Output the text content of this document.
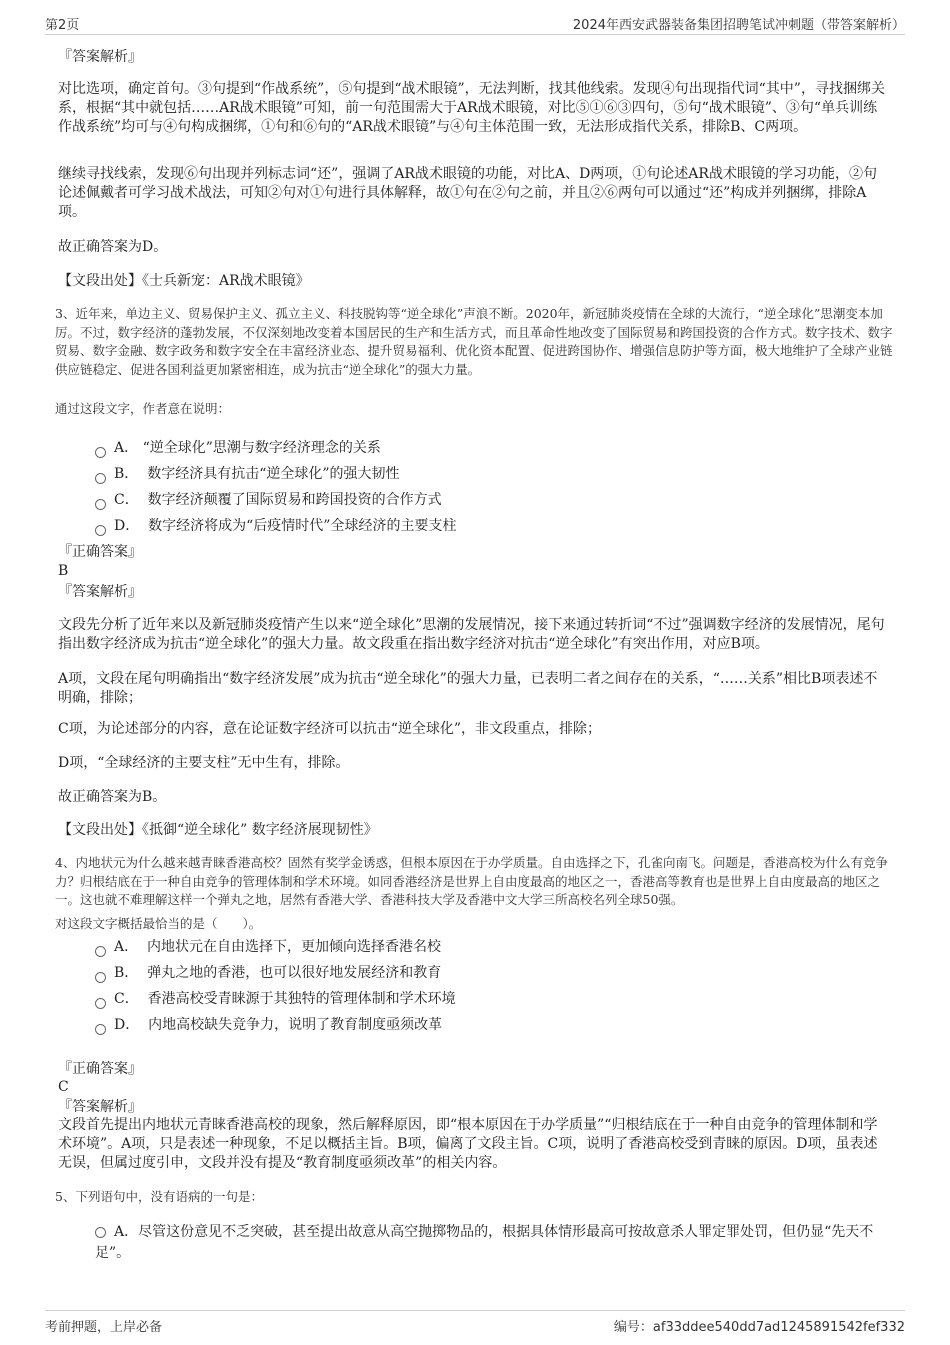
第2页	2024年西安武器装备集团招聘笔试冲刺题（带答案解析）
『答案解析』
对比选项，确定首句。③句提到“作战系统”，⑤句提到“战术眼镜”，无法判断，找其他线索。发现④句出现指代词“其中”，寻找捆绑关系，根据“其中就包括……AR战术眼镜”可知，前一句范围需大于AR战术眼镜，对比⑤①⑥③四句，⑤句“战术眼镜”、③句“单兵训练作战系统”均可与④句构成捆绑，①句和⑥句的“AR战术眼镜”与④句主体范围一致，无法形成指代关系，排除B、C两项。
继续寻找线索，发现⑥句出现并列标志词“还”，强调了AR战术眼镜的功能，对比A、D两项，①句论述AR战术眼镜的学习功能，②句论述佩戴者可学习战术战法，可知②句对①句进行具体解释，故①句在②句之前，并且②⑥两句可以通过“还”构成并列捆绑，排除A项。
故正确答案为D。
【文段出处】《士兵新宠：AR战术眼镜》
3、近年来，单边主义、贸易保护主义、孤立主义、科技脱钩等“逆全球化”声浪不断。2020年，新冠肺炎疫情在全球的大流行，“逆全球化”思潮变本加厉。不过，数字经济的蓬勃发展，不仅深刻地改变着本国居民的生产和生活方式，而且革命性地改变了国际贸易和跨国投资的合作方式。数字技术、数字贸易、数字金融、数字政务和数字安全在丰富经济业态、提升贸易福利、优化资本配置、促进跨国协作、增强信息防护等方面，极大地维护了全球产业链供应链稳定、促进各国利益更加紧密相连，成为抗击“逆全球化”的强大力量。
通过这段文字，作者意在说明：
A． “逆全球化”思潮与数字经济理念的关系
B． 数字经济具有抗击“逆全球化”的强大韧性
C． 数字经济颠覆了国际贸易和跨国投资的合作方式
D． 数字经济将成为“后疫情时代”全球经济的主要支柱
『正确答案』
B
『答案解析』
文段先分析了近年来以及新冠肺炎疫情产生以来“逆全球化”思潮的发展情况，接下来通过转折词“不过”强调数字经济的发展情况，尾句指出数字经济成为抗击“逆全球化”的强大力量。故文段重在指出数字经济对抗击“逆全球化”有突出作用，对应B项。
A项，文段在尾句明确指出“数字经济发展”成为抗击“逆全球化”的强大力量，已表明二者之间存在的关系，“……关系”相比B项表述不明确，排除；
C项，为论述部分的内容，意在论证数字经济可以抗击“逆全球化”，非文段重点，排除；
D项，“全球经济的主要支柱”无中生有，排除。
故正确答案为B。
【文段出处】《抵御“逆全球化” 数字经济展现韧性》
4、内地状元为什么越来越青睐香港高校？固然有奖学金诱惑，但根本原因在于办学质量。自由选择之下，孔雀向南飞。问题是，香港高校为什么有竞争力？归根结底在于一种自由竞争的管理体制和学术环境。如同香港经济是世界上自由度最高的地区之一，香港高等教育也是世界上自由度最高的地区之一。这也就不难理解这样一个弹丸之地，居然有香港大学、香港科技大学及香港中文大学三所高校名列全球50强。
对这段文字概括最恰当的是（　　）。
A． 内地状元在自由选择下，更加倾向选择香港名校
B． 弹丸之地的香港，也可以很好地发展经济和教育
C． 香港高校受青睐源于其独特的管理体制和学术环境
D． 内地高校缺失竞争力，说明了教育制度亟须改革
『正确答案』
C
『答案解析』
文段首先提出内地状元青睐香港高校的现象，然后解释原因，即“根本原因在于办学质量”“归根结底在于一种自由竞争的管理体制和学术环境”。A项，只是表述一种现象，不足以概括主旨。B项，偏离了文段主旨。C项，说明了香港高校受到青睐的原因。D项，虽表述无误，但属过度引申，文段并没有提及“教育制度亟须改革”的相关内容。
5、下列语句中，没有语病的一句是：
A．尽管这份意见不乏突破，甚至提出故意从高空抛掷物品的，根据具体情形最高可按故意杀人罪定罪处罚，但仍显“先天不足”。
考前押题，上岸必备	编号：af33ddee540dd7ad1245891542fef332
